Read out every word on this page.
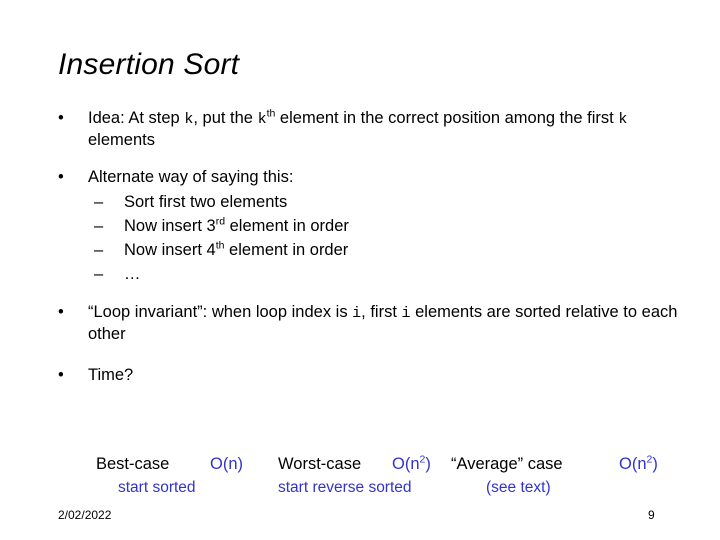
Insertion Sort
• Idea: At step k, put the $k^{th}$ element in the correct position among the first k elements
• Alternate way of saying this:
– Sort first two elements
– Now insert 3rd element in order
– Now insert 4th element in order
– …
• “Loop invariant”: when loop index is i, first i elements are sorted relative to each other
• Time?
Best-case O(n) Worst-case $O(n^2)$ “Average” case	$O(n^2)$
start sorted	start reverse sorted	(see text)
2/02/2022	9
